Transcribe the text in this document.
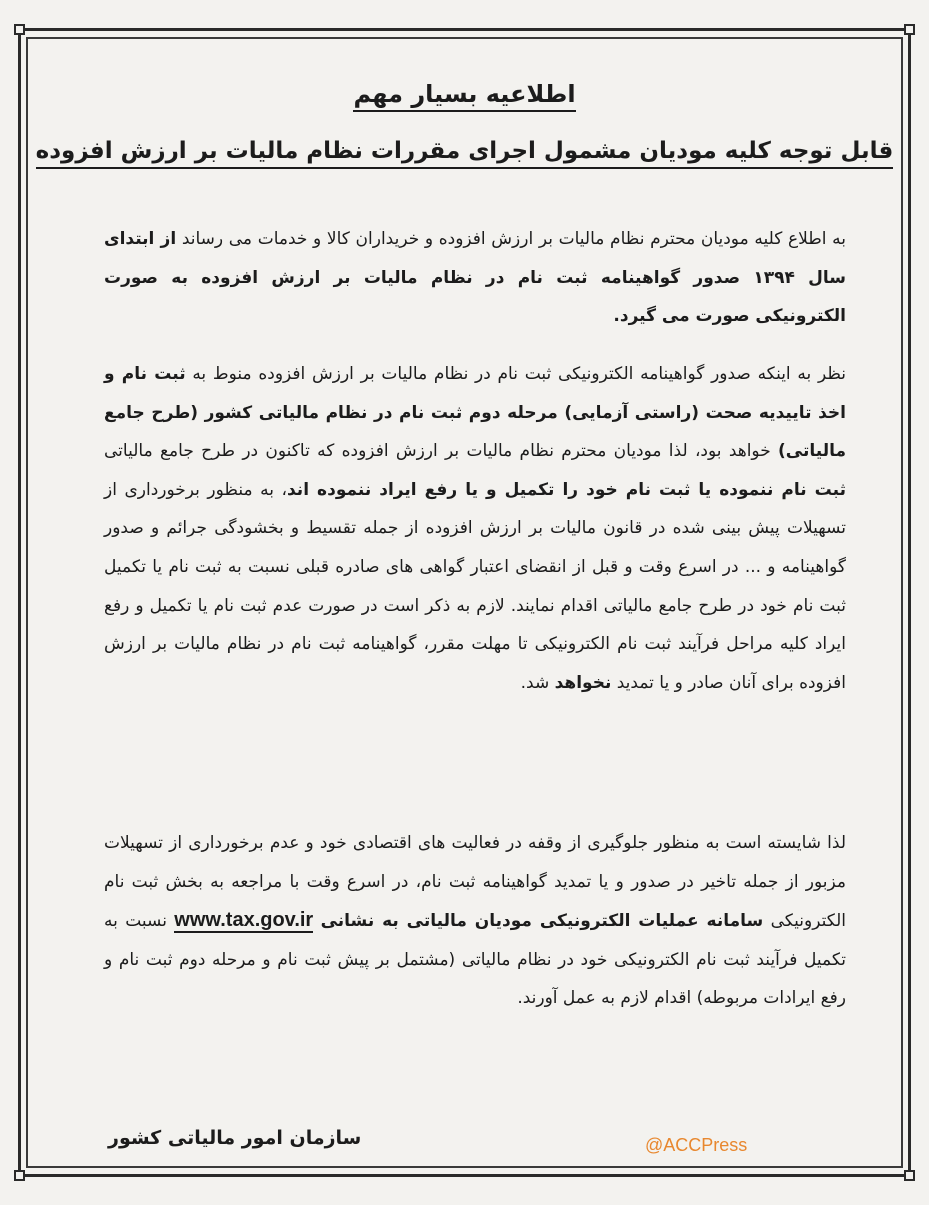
اطلاعیه بسیار مهم
قابل توجه کلیه مودیان مشمول اجرای مقررات نظام مالیات بر ارزش افزوده
به اطلاع کلیه مودیان محترم نظام مالیات بر ارزش افزوده و خریداران کالا و خدمات می رساند از ابتدای سال ۱۳۹۴ صدور گواهینامه ثبت نام در نظام مالیات بر ارزش افزوده به صورت الکترونیکی صورت می گیرد.
نظر به اینکه صدور گواهینامه الکترونیکی ثبت نام در نظام مالیات بر ارزش افزوده منوط به ثبت نام و اخذ تاییدیه صحت (راستی آزمایی) مرحله دوم ثبت نام در نظام مالیاتی کشور (طرح جامع مالیاتی) خواهد بود، لذا مودیان محترم نظام مالیات بر ارزش افزوده که تاکنون در طرح جامع مالیاتی ثبت نام ننموده یا ثبت نام خود را تکمیل و یا رفع ایراد ننموده اند، به منظور برخورداری از تسهیلات پیش بینی شده در قانون مالیات بر ارزش افزوده از جمله تقسیط و بخشودگی جرائم و صدور گواهینامه و ... در اسرع وقت و قبل از انقضای اعتبار گواهی های صادره قبلی نسبت به ثبت نام یا تکمیل ثبت نام خود در طرح جامع مالیاتی اقدام نمایند. لازم به ذکر است در صورت عدم ثبت نام یا تکمیل و رفع ایراد کلیه مراحل فرآیند ثبت نام الکترونیکی تا مهلت مقرر، گواهینامه ثبت نام در نظام مالیات بر ارزش افزوده برای آنان صادر و یا تمدید نخواهد شد.
لذا شایسته است به منظور جلوگیری از وقفه در فعالیت های اقتصادی خود و عدم برخورداری از تسهیلات مزبور از جمله تاخیر در صدور و یا تمدید گواهینامه ثبت نام، در اسرع وقت با مراجعه به بخش ثبت نام الکترونیکی سامانه عملیات الکترونیکی مودیان مالیاتی به نشانی www.tax.gov.ir نسبت به تکمیل فرآیند ثبت نام الکترونیکی خود در نظام مالیاتی (مشتمل بر پیش ثبت نام و مرحله دوم ثبت نام و رفع ایرادات مربوطه) اقدام لازم به عمل آورند.
سازمان امور مالیاتی کشور	@ACCPress
